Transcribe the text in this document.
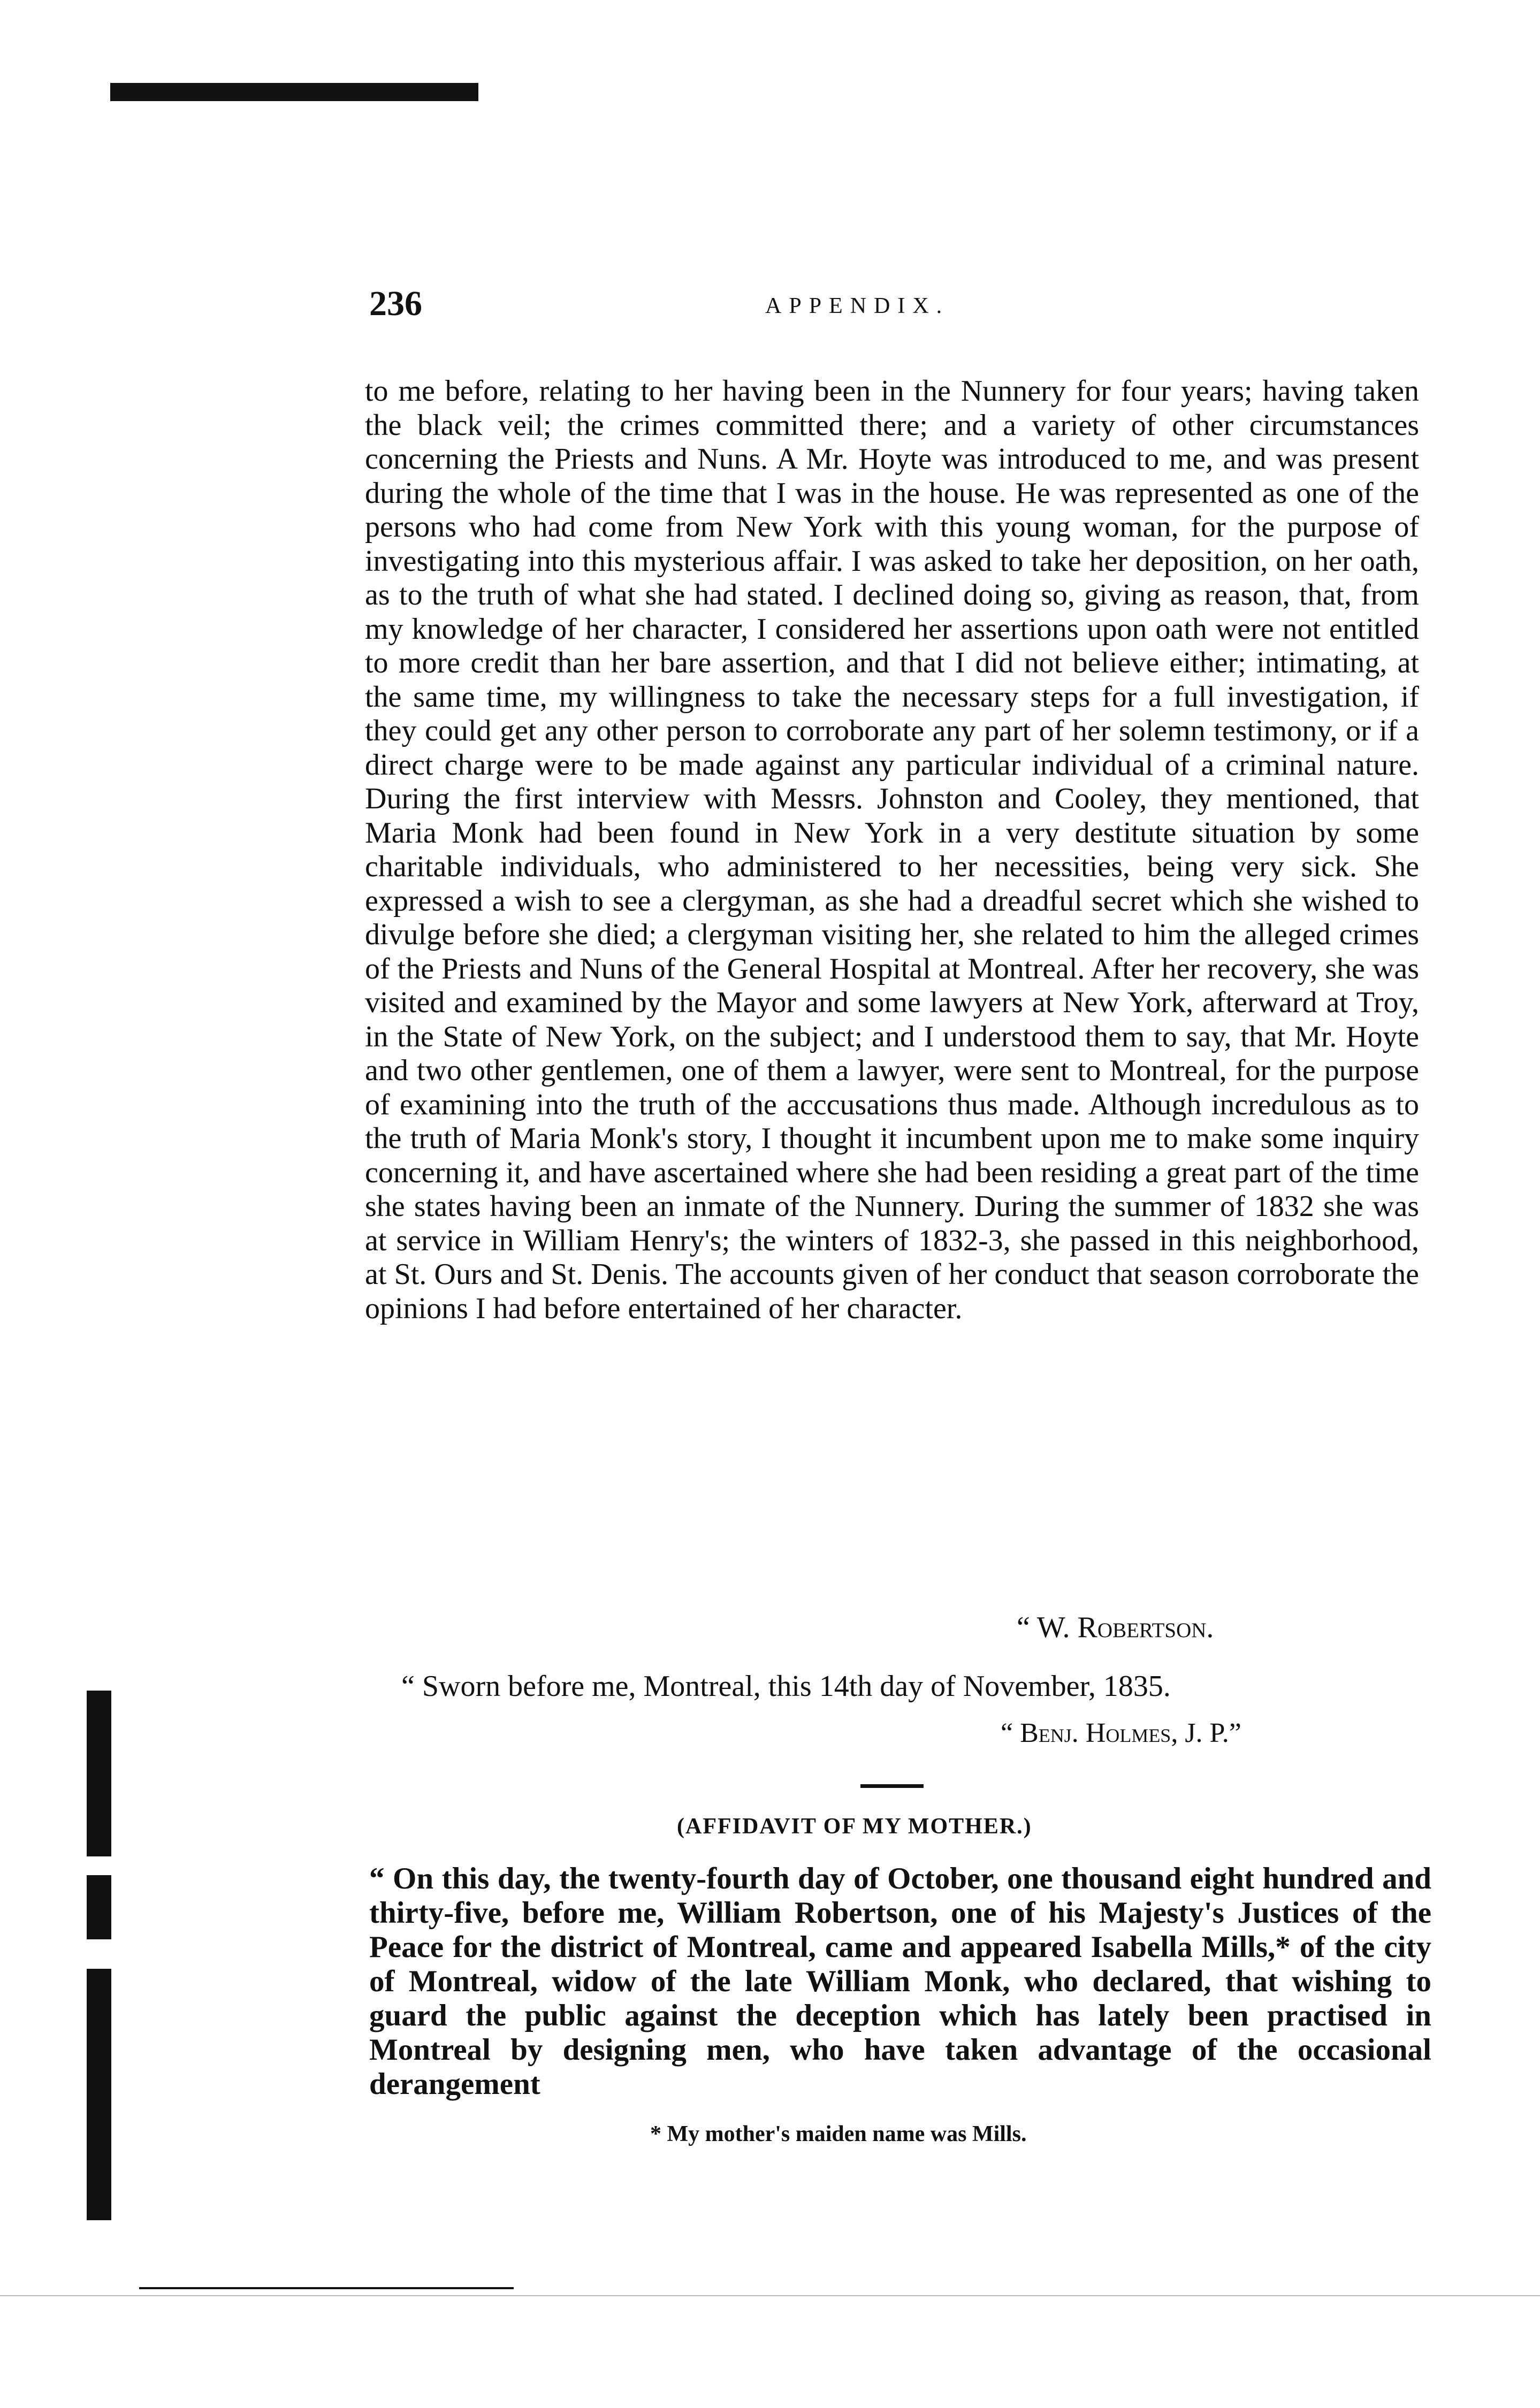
236	APPENDIX.

to me before, relating to her having been in the Nunnery for four years; having taken the black veil; the crimes committed there; and a variety of other circumstances concerning the Priests and Nuns. A Mr. Hoyte was introduced to me, and was present during the whole of the time that I was in the house. He was represented as one of the persons who had come from New York with this young woman, for the purpose of investigating into this mysterious affair. I was asked to take her deposition, on her oath, as to the truth of what she had stated. I declined doing so, giving as reason, that, from my knowledge of her character, I considered her assertions upon oath were not entitled to more credit than her bare assertion, and that I did not believe either; intimating, at the same time, my willingness to take the necessary steps for a full investigation, if they could get any other person to corroborate any part of her solemn testimony, or if a direct charge were to be made against any particular individual of a criminal nature. During the first interview with Messrs. Johnston and Cooley, they mentioned, that Maria Monk had been found in New York in a very destitute situation by some charitable individuals, who administered to her necessities, being very sick. She expressed a wish to see a clergyman, as she had a dreadful secret which she wished to divulge before she died; a clergyman visiting her, she related to him the alleged crimes of the Priests and Nuns of the General Hospital at Montreal. After her recovery, she was visited and examined by the Mayor and some lawyers at New York, afterward at Troy, in the State of New York, on the subject; and I understood them to say, that Mr. Hoyte and two other gentlemen, one of them a lawyer, were sent to Montreal, for the purpose of examining into the truth of the acccusations thus made. Although incredulous as to the truth of Maria Monk's story, I thought it incumbent upon me to make some inquiry concerning it, and have ascertained where she had been residing a great part of the time she states having been an inmate of the Nunnery. During the summer of 1832 she was at service in William Henry's; the winters of 1832-3, she passed in this neighborhood, at St. Ours and St. Denis. The accounts given of her conduct that season corroborate the opinions I had before entertained of her character.

“ W. Robertson.
“ Sworn before me, Montreal, this 14th day of November, 1835.
“ Benj. Holmes, J. P.”
(AFFIDAVIT OF MY MOTHER.)

“ On this day, the twenty-fourth day of October, one thousand eight hundred and thirty-five, before me, William Robertson, one of his Majesty's Justices of the Peace for the district of Montreal, came and appeared Isabella Mills,* of the city of Montreal, widow of the late William Monk, who declared, that wishing to guard the public against the deception which has lately been practised in Montreal by designing men, who have taken advantage of the occasional derangement

* My mother's maiden name was Mills.
